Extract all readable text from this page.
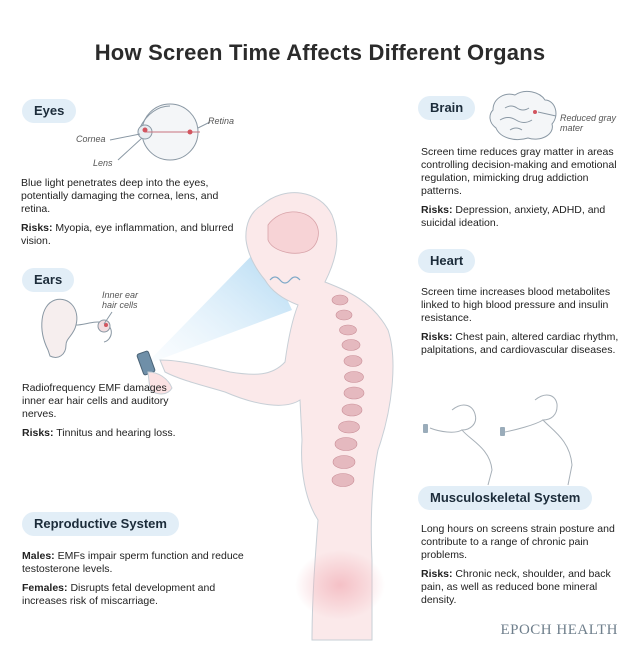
How Screen Time Affects Different Organs
Eyes
Cornea
Lens
Retina

Blue light penetrates deep into the eyes, potentially damaging the cornea, lens, and retina.

Risks: Myopia, eye inflammation, and blurred vision.

Ears
Inner ear hair cells

Radiofrequency EMF damages inner ear hair cells and auditory nerves.

Risks: Tinnitus and hearing loss.

Reproductive System

Males: EMFs impair sperm function and reduce testosterone levels.

Females: Disrupts fetal development and increases risk of miscarriage.

Brain
Reduced gray mater

Screen time reduces gray matter in areas controlling decision-making and emotional regulation, mimicking drug addiction patterns.

Risks: Depression, anxiety, ADHD, and suicidal ideation.

Heart

Screen time increases blood metabolites linked to high blood pressure and insulin resistance.

Risks: Chest pain, altered cardiac rhythm, palpitations, and cardiovascular diseases.

Musculoskeletal System

Long hours on screens strain posture and contribute to a range of chronic pain problems.

Risks: Chronic neck, shoulder, and back pain, as well as reduced bone mineral density.

EPOCH HEALTH
